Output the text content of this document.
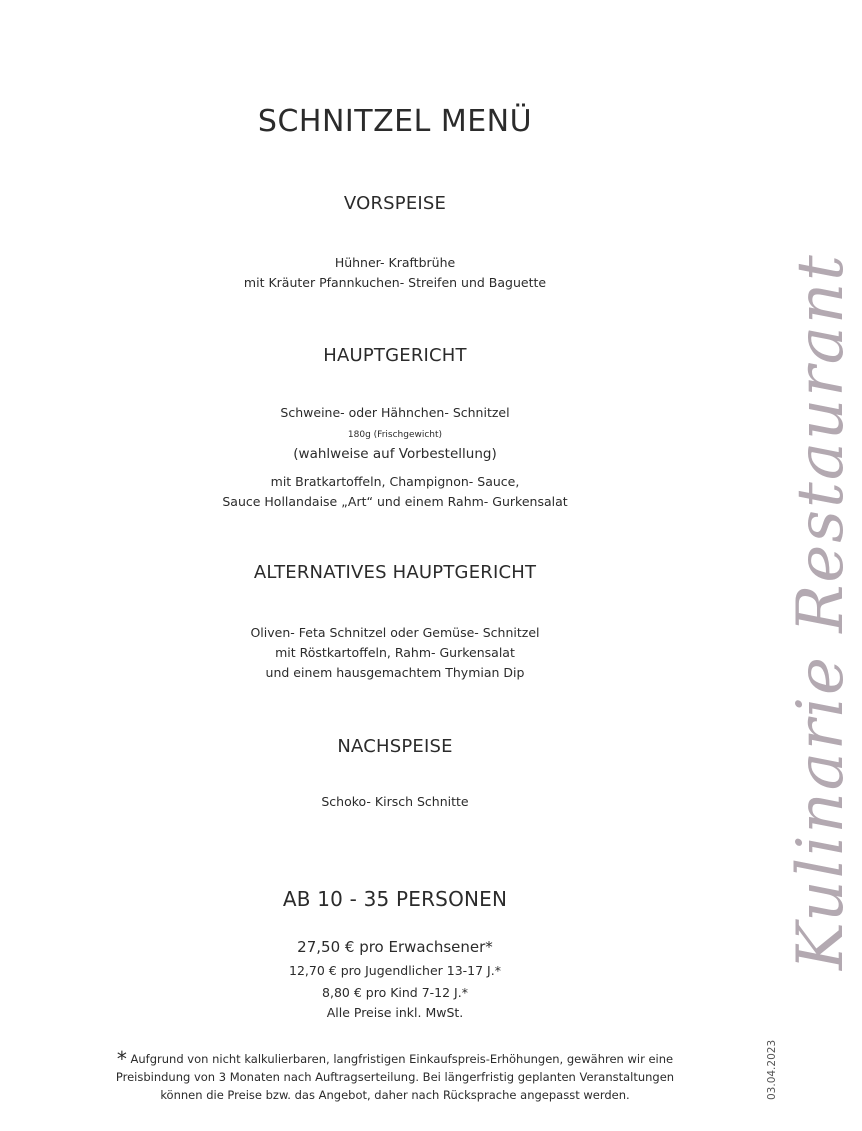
SCHNITZEL MENÜ
VORSPEISE

Hühner- Kraftbrühe

mit Kräuter Pfannkuchen- Streifen und Baguette

HAUPTGERICHT

Schweine- oder Hähnchen- Schnitzel

180g (Frischgewicht)

(wahlweise auf Vorbestellung)

mit Bratkartoffeln, Champignon- Sauce,

Sauce Hollandaise „Art“ und einem Rahm- Gurkensalat

ALTERNATIVES HAUPTGERICHT

Oliven- Feta Schnitzel oder Gemüse- Schnitzel

mit Röstkartoffeln, Rahm- Gurkensalat

und einem hausgemachtem Thymian Dip

NACHSPEISE

Schoko- Kirsch Schnitte

AB 10 - 35 PERSONEN

27,50 € pro Erwachsener*

12,70 € pro Jugendlicher 13-17 J.*

8,80 € pro Kind 7-12 J.*

Alle Preise inkl. MwSt.

* Aufgrund von nicht kalkulierbaren, langfristigen Einkaufspreis-Erhöhungen, gewähren wir eine Preisbindung von 3 Monaten nach Auftragserteilung. Bei längerfristig geplanten Veranstaltungen können die Preise bzw. das Angebot, daher nach Rücksprache angepasst werden.

Kulinarie Restaurant
03.04.2023
